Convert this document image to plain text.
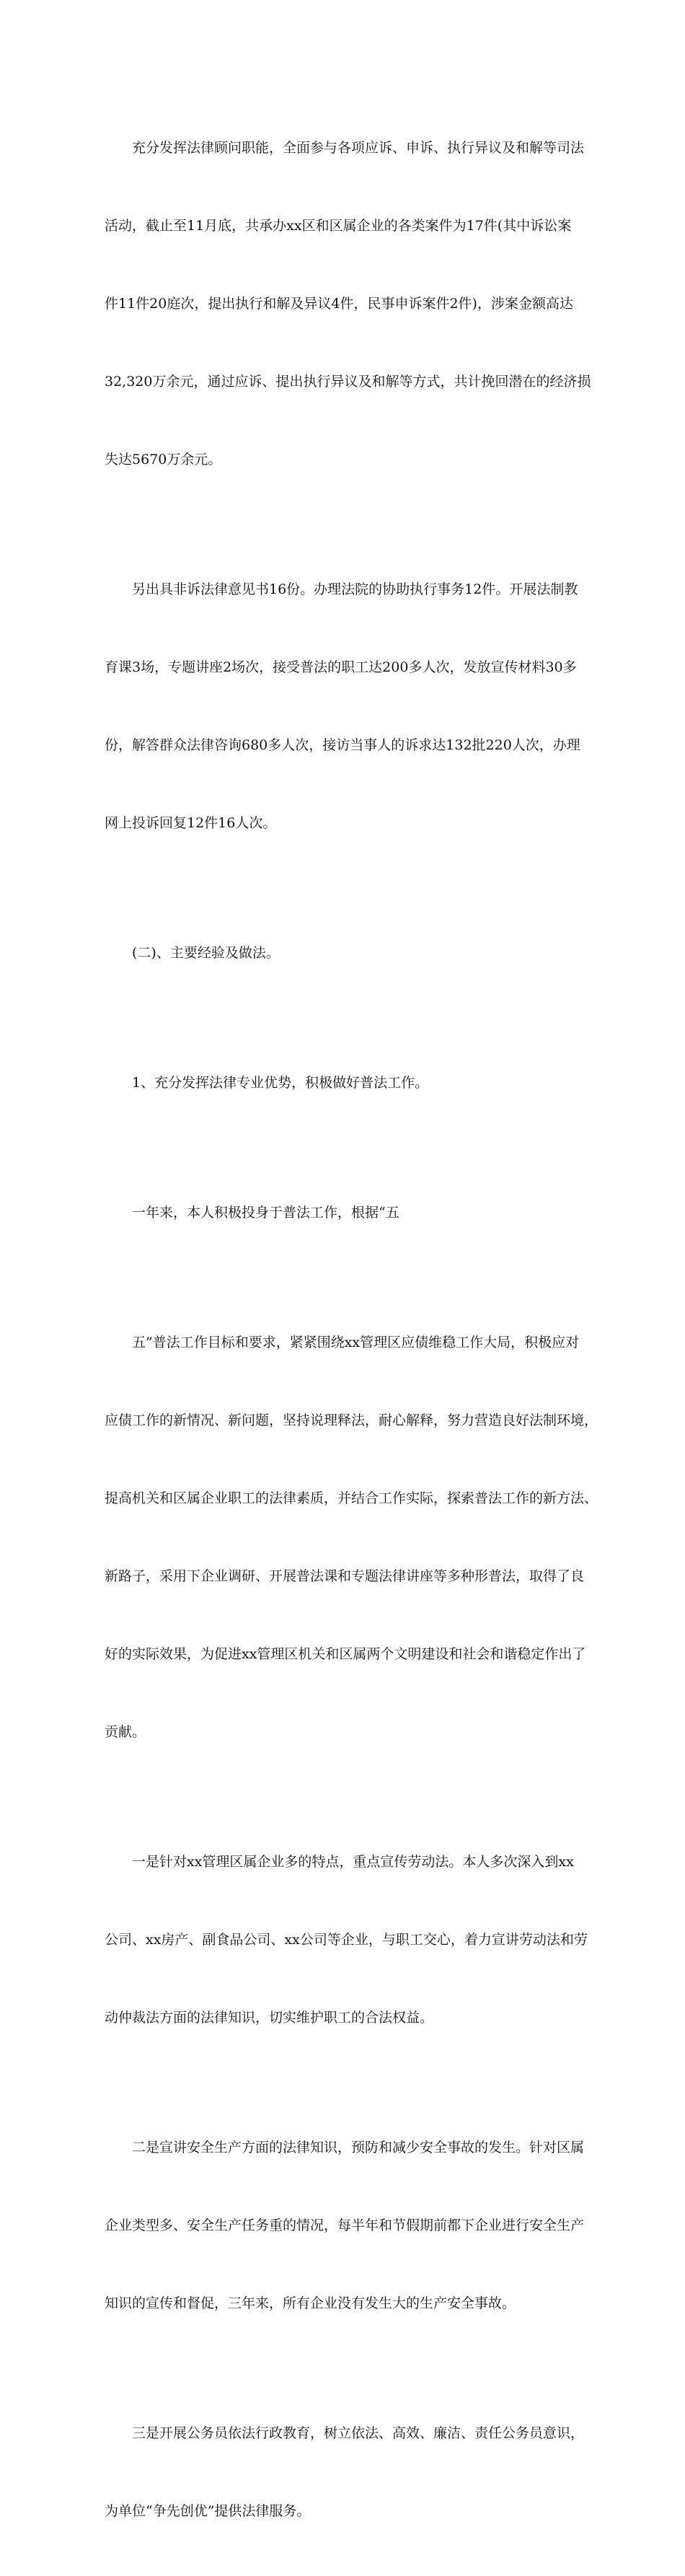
充分发挥法律顾问职能，全面参与各项应诉、申诉、执行异议及和解等司法

活动，截止至11月底，共承办xx区和区属企业的各类案件为17件(其中诉讼案

件11件20庭次，提出执行和解及异议4件，民事申诉案件2件)，涉案金额高达

32,320万余元，通过应诉、提出执行异议及和解等方式，共计挽回潜在的经济损

失达5670万余元。

另出具非诉法律意见书16份。办理法院的协助执行事务12件。开展法制教

育课3场，专题讲座2场次，接受普法的职工达200多人次，发放宣传材料30多

份，解答群众法律咨询680多人次，接访当事人的诉求达132批220人次，办理

网上投诉回复12件16人次。

(二)、主要经验及做法。

1、充分发挥法律专业优势，积极做好普法工作。

一年来，本人积极投身于普法工作，根据“五

五”普法工作目标和要求，紧紧围绕xx管理区应债维稳工作大局，积极应对

应债工作的新情况、新问题，坚持说理释法，耐心解释，努力营造良好法制环境，

提高机关和区属企业职工的法律素质，并结合工作实际，探索普法工作的新方法、

新路子，采用下企业调研、开展普法课和专题法律讲座等多种形普法，取得了良

好的实际效果，为促进xx管理区机关和区属两个文明建设和社会和谐稳定作出了

贡献。

一是针对xx管理区属企业多的特点，重点宣传劳动法。本人多次深入到xx

公司、xx房产、副食品公司、xx公司等企业，与职工交心，着力宣讲劳动法和劳

动仲裁法方面的法律知识，切实维护职工的合法权益。

二是宣讲安全生产方面的法律知识，预防和减少安全事故的发生。针对区属

企业类型多、安全生产任务重的情况，每半年和节假期前都下企业进行安全生产

知识的宣传和督促，三年来，所有企业没有发生大的生产安全事故。

三是开展公务员依法行政教育，树立依法、高效、廉洁、责任公务员意识，

为单位“争先创优”提供法律服务。
